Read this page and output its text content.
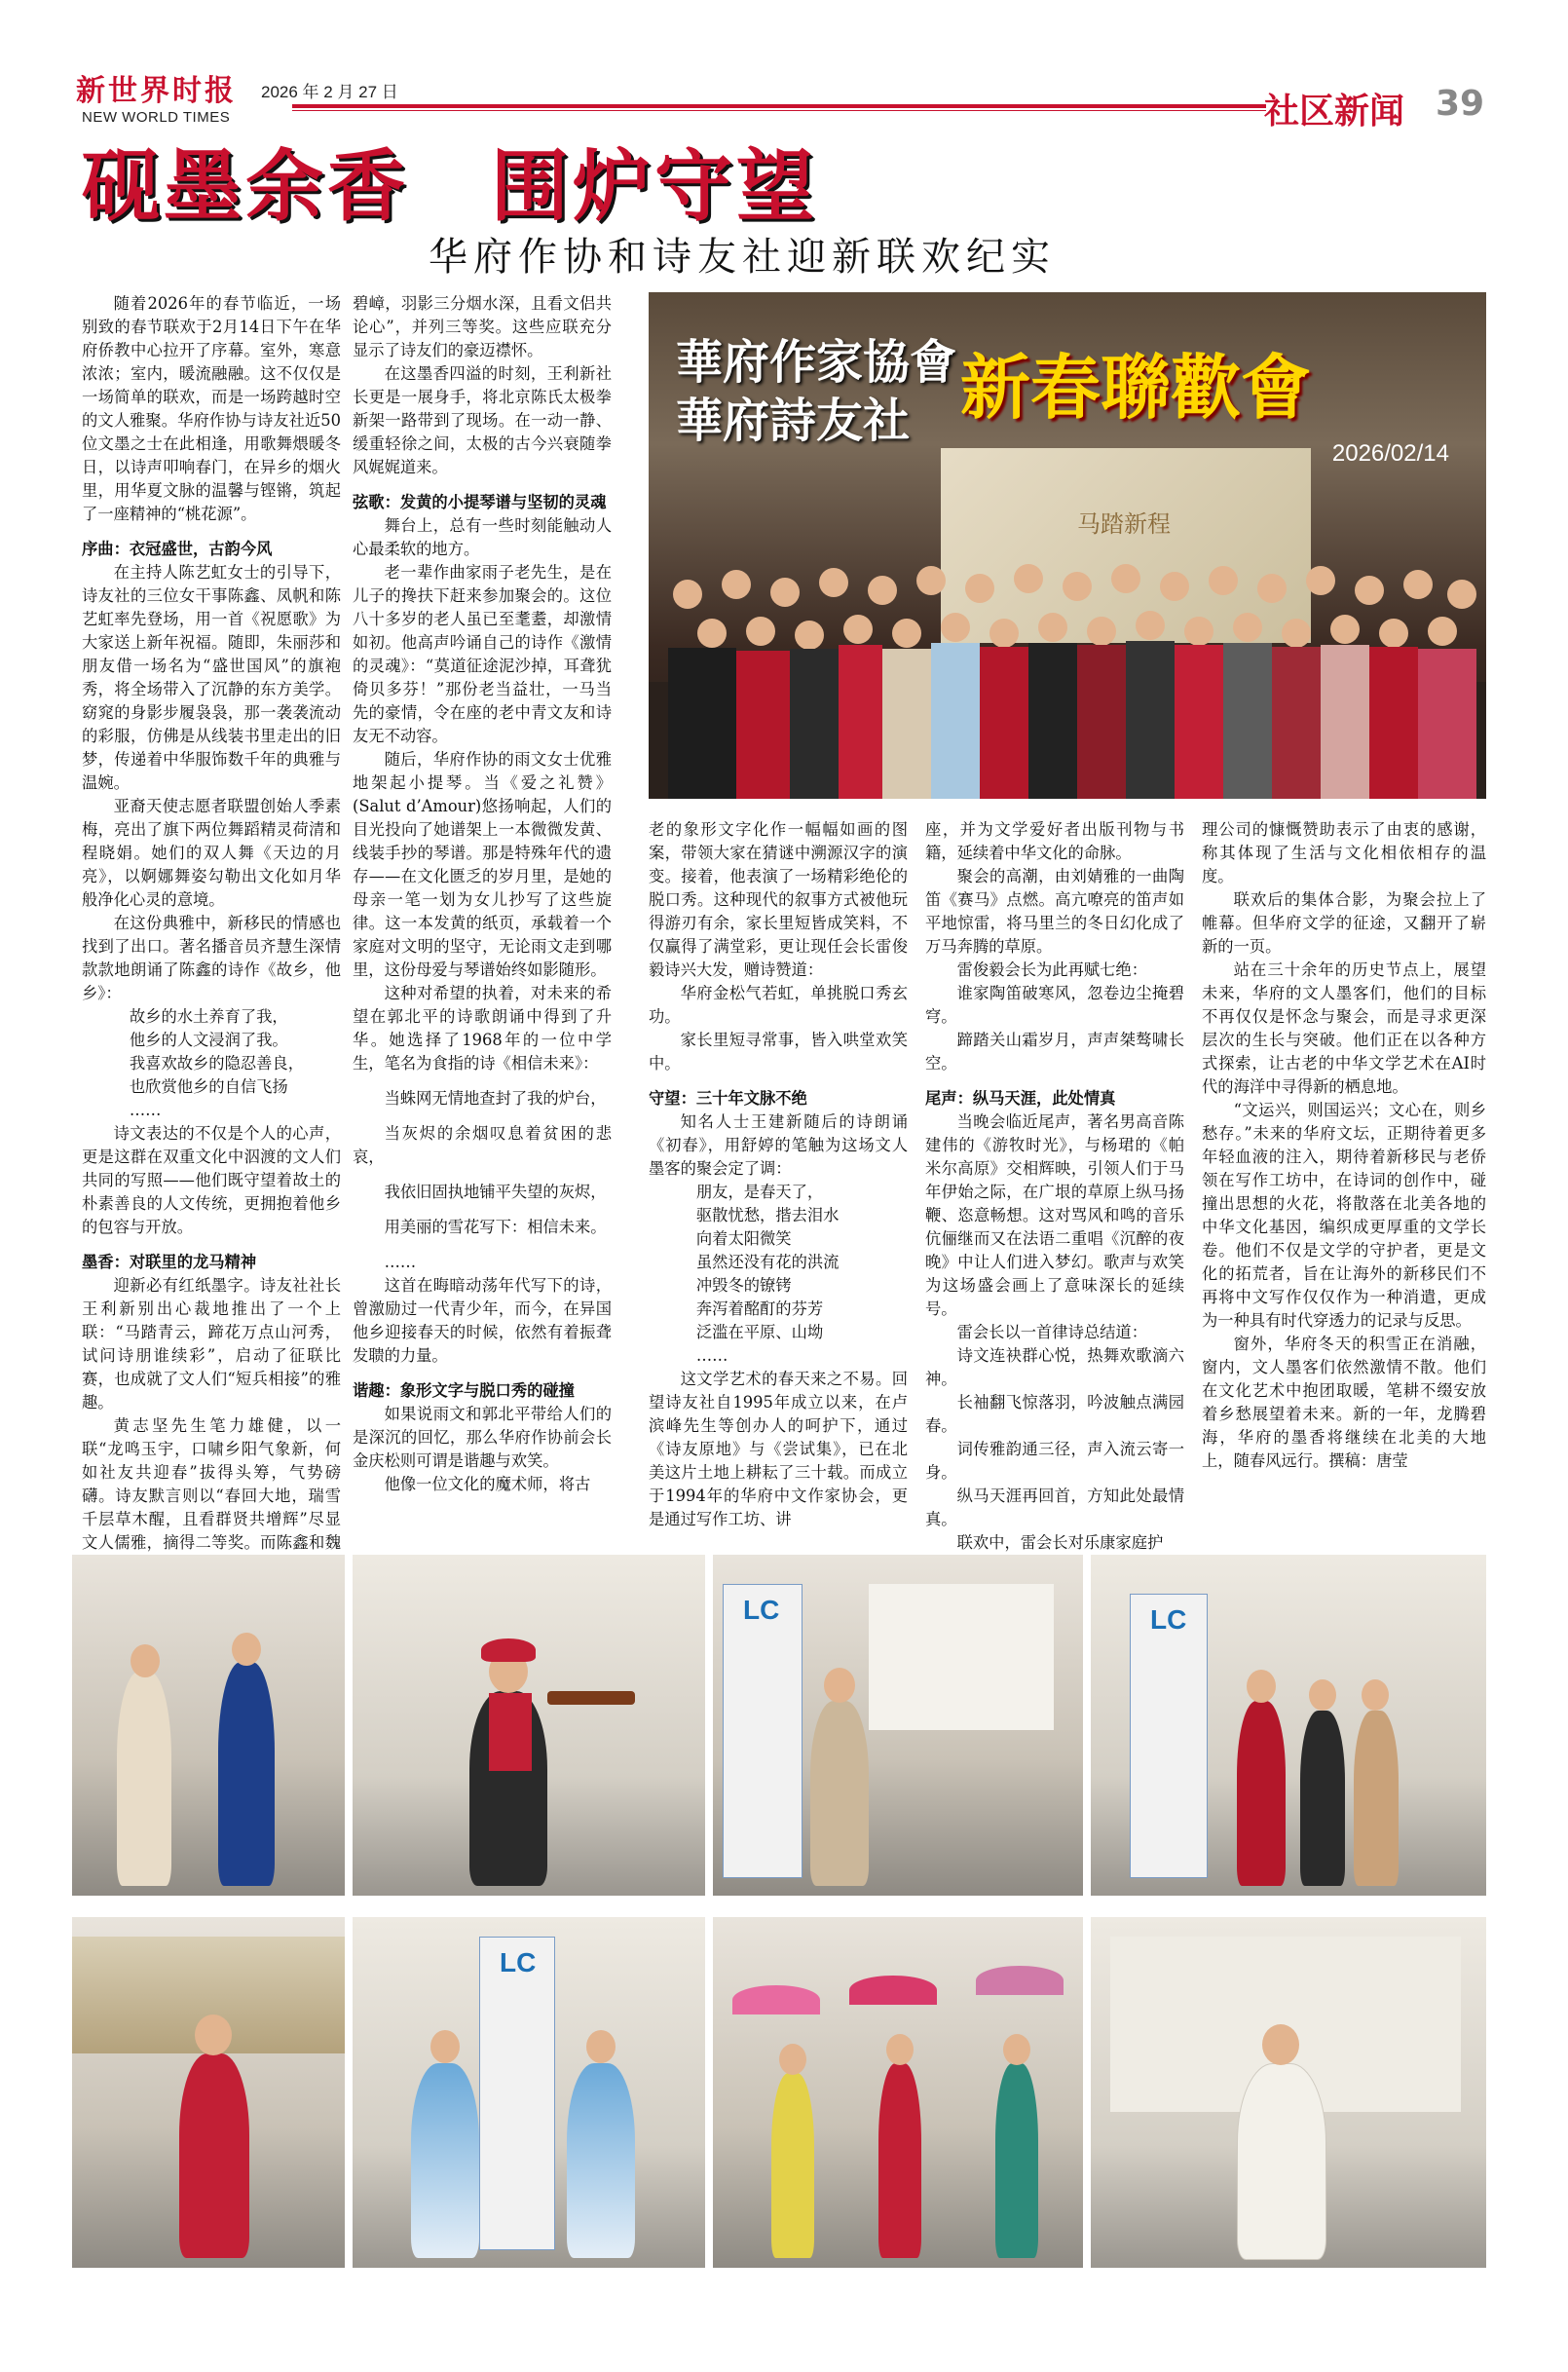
新世界时报 2026 年 2 月 27 日
NEW WORLD TIMES	社区新闻 39
砚墨余香　围炉守望
华府作协和诗友社迎新联欢纪实

随着2026年的春节临近，一场别致的春节联欢于2月14日下午在华府侨教中心拉开了序幕。室外，寒意浓浓；室内，暖流融融。这不仅仅是一场简单的联欢，而是一场跨越时空的文人雅聚。华府作协与诗友社近50位文墨之士在此相逢，用歌舞煨暖冬日，以诗声叩响春门，在异乡的烟火里，用华夏文脉的温馨与铿锵，筑起了一座精神的“桃花源”。

序曲：衣冠盛世，古韵今风

在主持人陈艺虹女士的引导下，诗友社的三位女干事陈鑫、凤帆和陈艺虹率先登场，用一首《祝愿歌》为大家送上新年祝福。随即，朱丽莎和朋友借一场名为“盛世国风”的旗袍秀，将全场带入了沉静的东方美学。窈窕的身影步履袅袅，那一袭袭流动的彩服，仿佛是从线装书里走出的旧梦，传递着中华服饰数千年的典雅与温婉。

亚裔天使志愿者联盟创始人季素梅，亮出了旗下两位舞蹈精灵荷清和程晓娟。她们的双人舞《天边的月亮》，以婀娜舞姿勾勒出文化如月华般净化心灵的意境。

在这份典雅中，新移民的情感也找到了出口。著名播音员齐慧生深情款款地朗诵了陈鑫的诗作《故乡，他乡》：

故乡的水土养育了我，

他乡的人文浸润了我。

我喜欢故乡的隐忍善良，

也欣赏他乡的自信飞扬

……

诗文表达的不仅是个人的心声，更是这群在双重文化中泅渡的文人们共同的写照——他们既守望着故土的朴素善良的人文传统，更拥抱着他乡的包容与开放。

墨香：对联里的龙马精神

迎新必有红纸墨字。诗友社社长王利新别出心裁地推出了一个上联：“马踏青云，蹄花万点山河秀，试问诗朋谁续彩”，启动了征联比赛，也成就了文人们“短兵相接”的雅趣。

黄志坚先生笔力雄健，以一联“龙鸣玉宇，口啸乡阳气象新，何如社友共迎春”拔得头筹，气势磅礴。诗友默言则以“春回大地，瑞雪千层草木醒，且看群贤共增辉”尽显文人儒雅，摘得二等奖。而陈鑫和魏

碧嶂，羽影三分烟水深，且看文侣共论心”，并列三等奖。这些应联充分显示了诗友们的豪迈襟怀。

在这墨香四溢的时刻，王利新社长更是一展身手，将北京陈氏太极拳新架一路带到了现场。在一动一静、缓重轻徐之间，太极的古今兴衰随拳风娓娓道来。

弦歌：发黄的小提琴谱与坚韧的灵魂

舞台上，总有一些时刻能触动人心最柔软的地方。

老一辈作曲家雨子老先生，是在儿子的搀扶下赶来参加聚会的。这位八十多岁的老人虽已至耄耋，却激情如初。他高声吟诵自己的诗作《激情的灵魂》：“莫道征途泥沙掉，耳聋犹倚贝多芬！”那份老当益壮，一马当先的豪情，令在座的老中青文友和诗友无不动容。

随后，华府作协的雨文女士优雅地架起小提琴。当《爱之礼赞》(Salut d’Amour)悠扬响起，人们的目光投向了她谱架上一本微微发黄、线装手抄的琴谱。那是特殊年代的遗存——在文化匮乏的岁月里，是她的母亲一笔一划为女儿抄写了这些旋律。这一本发黄的纸页，承载着一个家庭对文明的坚守，无论雨文走到哪里，这份母爱与琴谱始终如影随形。

这种对希望的执着，对未来的希望在郭北平的诗歌朗诵中得到了升华。她选择了1968年的一位中学生，笔名为食指的诗《相信未来》：

当蛛网无情地查封了我的炉台，

当灰烬的余烟叹息着贫困的悲哀，

我依旧固执地铺平失望的灰烬，

用美丽的雪花写下：相信未来。

……

这首在晦暗动荡年代写下的诗，曾激励过一代青少年，而今，在异国他乡迎接春天的时候，依然有着振聋发聩的力量。

谐趣：象形文字与脱口秀的碰撞

如果说雨文和郭北平带给人们的是深沉的回忆，那么华府作协前会长金庆松则可谓是谐趣与欢笑。

他像一位文化的魔术师，将古

马踏新程
華府作家協會
華府詩友社 新春聯歡會
2026/02/14

老的象形文字化作一幅幅如画的图案，带领大家在猜谜中溯源汉字的演变。接着，他表演了一场精彩绝伦的脱口秀。这种现代的叙事方式被他玩得游刃有余，家长里短皆成笑料，不仅赢得了满堂彩，更让现任会长雷俊毅诗兴大发，赠诗赞道：

华府金松气若虹，单挑脱口秀玄功。

家长里短寻常事，皆入哄堂欢笑中。

守望：三十年文脉不绝

知名人士王建新随后的诗朗诵《初春》，用舒婷的笔触为这场文人墨客的聚会定了调：

朋友，是春天了，

驱散忧愁，揩去泪水

向着太阳微笑

虽然还没有花的洪流

冲毁冬的镣铐

奔泻着酩酊的芬芳

泛滥在平原、山坳

……

这文学艺术的春天来之不易。回望诗友社自1995年成立以来，在卢滨峰先生等创办人的呵护下，通过《诗友原地》与《尝试集》，已在北美这片土地上耕耘了三十载。而成立于1994年的华府中文作家协会，更是通过写作工坊、讲

座，并为文学爱好者出版刊物与书籍，延续着中华文化的命脉。

聚会的高潮，由刘婧雅的一曲陶笛《赛马》点燃。高亢嘹亮的笛声如平地惊雷，将马里兰的冬日幻化成了万马奔腾的草原。

雷俊毅会长为此再赋七绝：

谁家陶笛破寒风，忽卷边尘掩碧穹。

蹄踏关山霜岁月，声声桀骜啸长空。

尾声：纵马天涯，此处情真

当晚会临近尾声，著名男高音陈建伟的《游牧时光》，与杨珺的《帕米尔高原》交相辉映，引领人们于马年伊始之际，在广垠的草原上纵马扬鞭、恣意畅想。这对骂风和鸣的音乐伉俪继而又在法语二重唱《沉醉的夜晚》中让人们进入梦幻。歌声与欢笑为这场盛会画上了意味深长的延续号。

雷会长以一首律诗总结道：

诗文连袂群心悦，热舞欢歌滴六神。

长袖翻飞惊落羽，吟波触点满园春。

词传雅韵通三径，声入流云寄一身。

纵马天涯再回首，方知此处最情真。

联欢中，雷会长对乐康家庭护

理公司的慷慨赞助表示了由衷的感谢，称其体现了生活与文化相依相存的温度。

联欢后的集体合影，为聚会拉上了帷幕。但华府文学的征途，又翻开了崭新的一页。

站在三十余年的历史节点上，展望未来，华府的文人墨客们，他们的目标不再仅仅是怀念与聚会，而是寻求更深层次的生长与突破。他们正在以各种方式探索，让古老的中华文学艺术在AI时代的海洋中寻得新的栖息地。

“文运兴，则国运兴；文心在，则乡愁存。”未来的华府文坛，正期待着更多年轻血液的注入，期待着新移民与老侨领在写作工坊中，在诗词的创作中，碰撞出思想的火花，将散落在北美各地的中华文化基因，编织成更厚重的文学长卷。他们不仅是文学的守护者，更是文化的拓荒者，旨在让海外的新移民们不再将中文写作仅仅作为一种消遣，更成为一种具有时代穿透力的记录与反思。

窗外，华府冬天的积雪正在消融，窗内，文人墨客们依然激情不散。他们在文化艺术中抱团取暖，笔耕不缀安放着乡愁展望着未来。新的一年，龙腾碧海，华府的墨香将继续在北美的大地上，随春风远行。撰稿：唐莹

LC	LC
LC
